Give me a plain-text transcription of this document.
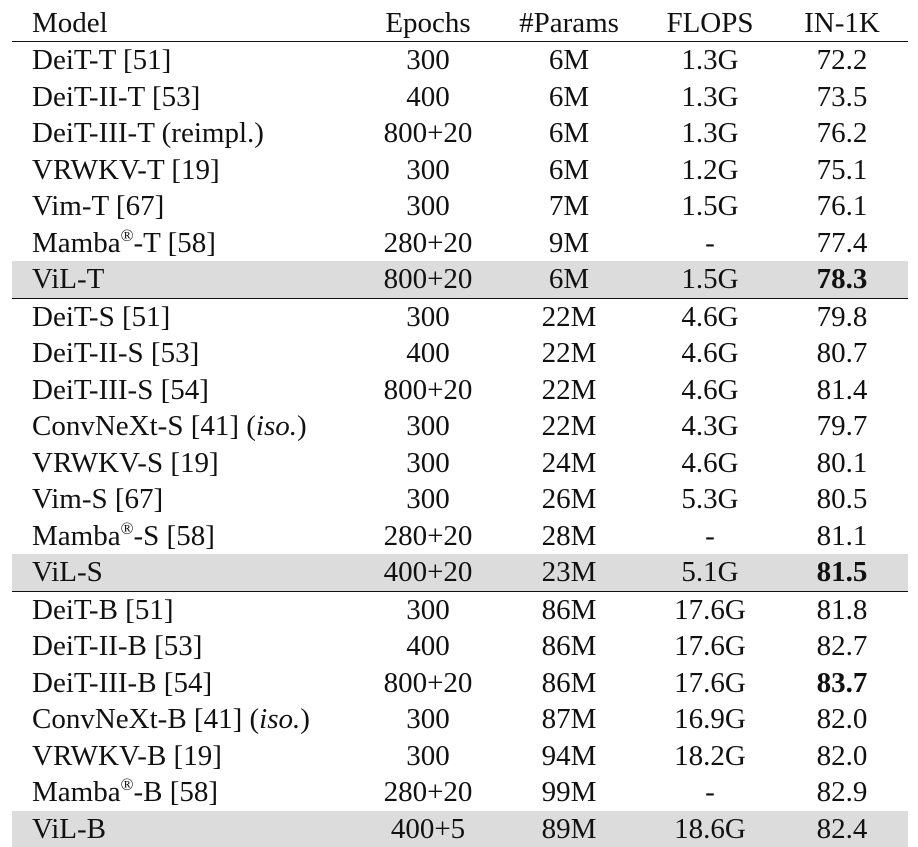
Model	Epochs	#Params	FLOPS	IN-1K
DeiT-T [51]	300	6M	1.3G	72.2
DeiT-II-T [53]	400	6M	1.3G	73.5
DeiT-III-T (reimpl.)	800+20	6M	1.3G	76.2
VRWKV-T [19]	300	6M	1.2G	75.1
Vim-T [67]	300	7M	1.5G	76.1
Mamba®-T [58]	280+20	9M	-	77.4
ViL-T	800+20	6M	1.5G	78.3
DeiT-S [51]	300	22M	4.6G	79.8
DeiT-II-S [53]	400	22M	4.6G	80.7
DeiT-III-S [54]	800+20	22M	4.6G	81.4
ConvNeXt-S [41] (iso.)	300	22M	4.3G	79.7
VRWKV-S [19]	300	24M	4.6G	80.1
Vim-S [67]	300	26M	5.3G	80.5
Mamba®-S [58]	280+20	28M	-	81.1
ViL-S	400+20	23M	5.1G	81.5
DeiT-B [51]	300	86M	17.6G	81.8
DeiT-II-B [53]	400	86M	17.6G	82.7
DeiT-III-B [54]	800+20	86M	17.6G	83.7
ConvNeXt-B [41] (iso.)	300	87M	16.9G	82.0
VRWKV-B [19]	300	94M	18.2G	82.0
Mamba®-B [58]	280+20	99M	-	82.9
ViL-B	400+5	89M	18.6G	82.4
